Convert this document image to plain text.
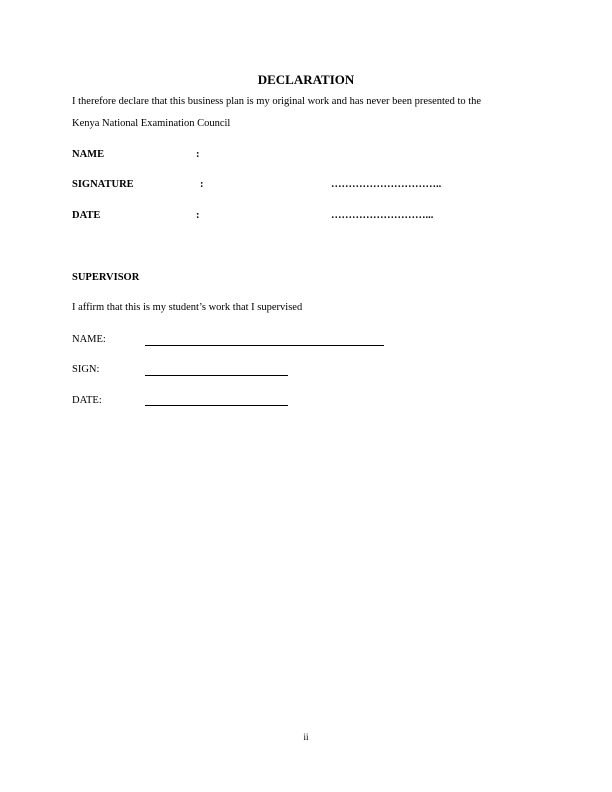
DECLARATION
I therefore declare that this business plan is my original work and has never been presented to the
Kenya National Examination Council
NAME	:
SIGNATURE	:	…………………………..
DATE	:	………………………...
SUPERVISOR
I affirm that this is my student’s work that I supervised
NAME:
SIGN:
DATE:
ii
